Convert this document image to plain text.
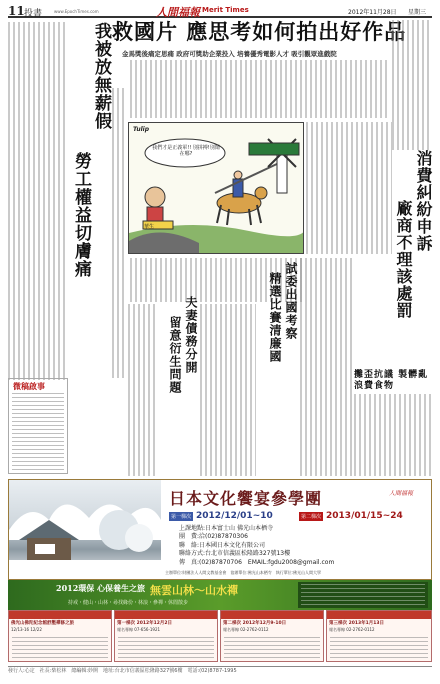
11 投書	www.EpochTimes.com	人間福報 Merit Times	2012年11月28日 星期三
我被放無薪假
勞工權益切膚痛
微稿啟事
救國片 應思考如何拍出好作品
金馬獎後痛定思痛 政府可獎助企業投入 培養優秀電影人才 吸引觀眾進戲院
我們才是正義軍!! 別拼搏!別鬧在哪?
Tulip
華生
夫妻債務分開
留意衍生問題
試委出國考察
精選比賽清廉國
消費糾紛申訴
廠商不理該處罰
攤歪抗議 製髒亂 浪費食物
日本文化饗宴參學團	人間福報
第一梯次 2012/12/01~10	第二梯次 2013/01/15~24
上課地點:日本富士山 佛光山本栖寺
團　費:洽(02)87870306
聯　絡:日本國日本文化有限公司
聯絡方式:台北市信義區松隆路327號13樓
傳　真:(02)87870706　 EMAIL:fgdu2008@gmail.com
主辦單位:財團法人人間文教基金會　協辦單位:佛光山本栖寺　執行單位:佛光山人間大學
2012環保 心保養生之旅 無雲山林～山水禪
持戒・健山・山林・尋找緣份・林浪・參禪・休閒散步
佛光山佛陀紀念館舒壓禪修之旅
12/13-16 12/22
第一梯次 2012年12月2日
報名專線 07-656-1921
第二梯次 2012年12月9-10日
報名專線 02-2762-0112
第三梯次 2013年1月13日
報名專線 02-2762-0112
發行人:心定　社長:柴松林　總編輯:妙開　地址:台北市信義區松隆路327號6樓　電話:(02)8787-1995
